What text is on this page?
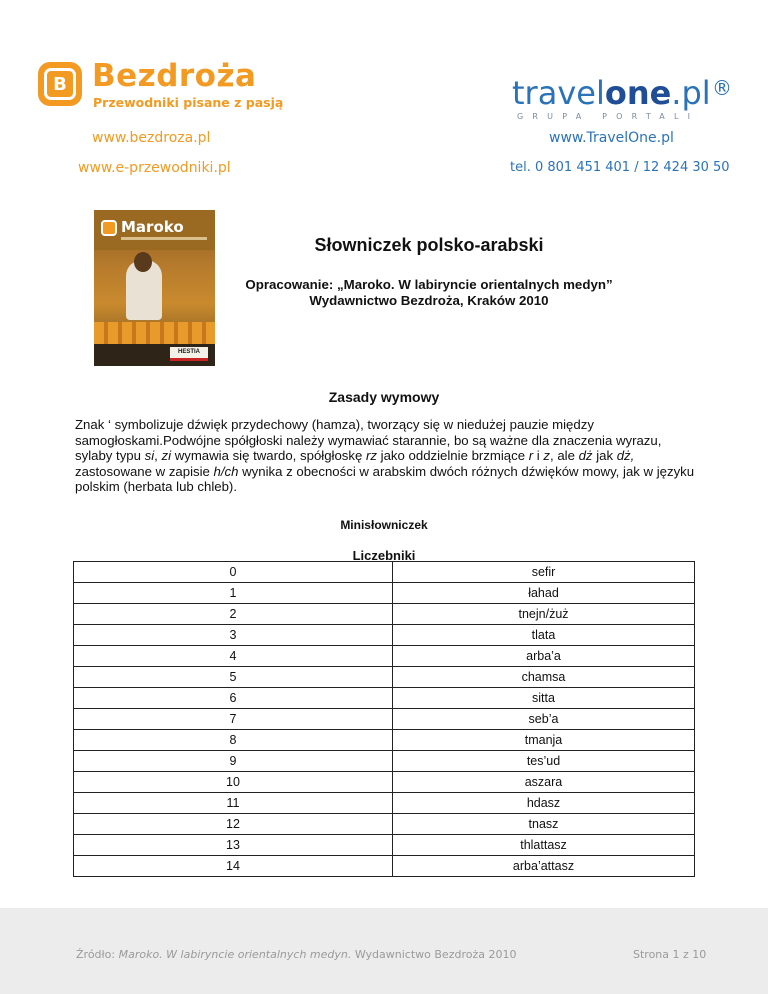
B Bezdroża
Przewodniki pisane z pasją
www.bezdroza.pl
www.e-przewodniki.pl
travelone.pl ®
GRUPA PORTALI
www.TravelOne.pl
tel. 0 801 451 401 / 12 424 30 50
Maroko
HESTIA
Słowniczek polsko-arabski
Opracowanie: „Maroko. W labiryncie orientalnych medyn”
Wydawnictwo Bezdroża, Kraków 2010
Zasady wymowy
Znak ‘ symbolizuje dźwięk przydechowy (hamza), tworzący się w niedużej pauzie między samogłoskami.Podwójne spółgłoski należy wymawiać starannie, bo są ważne dla znaczenia wyrazu, sylaby typu si, zi wymawia się twardo, spółgłoskę rz jako oddzielnie brzmiące r i z, ale dż jak dż, zastosowane w zapisie h/ch wynika z obecności w arabskim dwóch różnych dźwięków mowy, jak w języku polskim (herbata lub chleb).
Minisłowniczek
Liczebniki
0	sefir
1	łahad
2	tnejn/żuż
3	tlata
4	arba’a
5	chamsa
6	sitta
7	seb’a
8	tmanja
9	tes’ud
10	aszara
11	hdasz
12	tnasz
13	thlattasz
14	arba’attasz
Źródło: Maroko. W labiryncie orientalnych medyn. Wydawnictwo Bezdroża 2010	Strona 1 z 10
